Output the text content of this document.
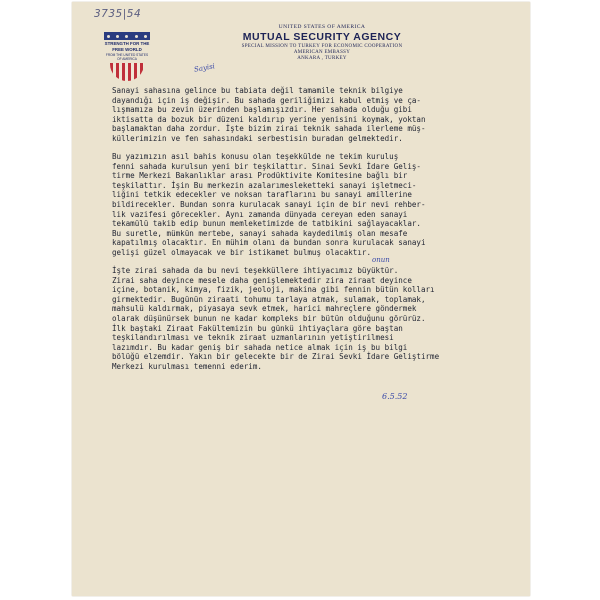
3735|54
STRENGTH FOR THE
FREE WORLD
FROM THE UNITED STATES OF AMERICA
UNITED STATES OF AMERICA
MUTUAL SECURITY AGENCY
SPECIAL MISSION TO TURKEY FOR ECONOMIC COOPERATION
AMERICAN EMBASSY
ANKARA , TURKEY
Sayisi
onun
Sanayi sahasına gelince bu tabiata değil tamamile teknik bilgiye
dayandığı için iş değişir. Bu sahada geriliğimizi kabul etmiş ve ça-
lışmamıza bu zevin üzerinden başlamışızdır. Her sahada olduğu gibi
iktisatta da bozuk bir düzeni kaldırıp yerine yenisini koymak, yoktan
başlamaktan daha zordur. İşte bizim zirai teknik sahada ilerleme müş-
küllerimizin ve fen sahasındaki serbestisin buradan gelmektedir.
Bu yazımızın asıl bahis konusu olan teşekkülde ne tekim kuruluş
fenni sahada kurulsun yeni bir teşkilattır. Sinai Sevki İdare Geliş-
tirme Merkezi Bakanlıklar arası Prodüktivite Komitesine bağlı bir
teşkilattır. İşin Bu merkezin azalarımesleketteki sanayi işletmeci-
liğini tetkik edecekler ve noksan taraflarını bu sanayi amillerine
bildirecekler. Bundan sonra kurulacak sanayi için de bir nevi rehber-
lik vazifesi görecekler. Aynı zamanda dünyada cereyan eden sanayi
tekamülü takib edip bunun memleketimizde de tatbikini sağlayacaklar.
Bu suretle, mümkün mertebe, sanayi sahada kaydedilmiş olan mesafe
kapatılmış olacaktır. En mühim olanı da bundan sonra kurulacak sanayi
gelişi güzel olmayacak ve bir istikamet bulmuş olacaktır.
İşte zirai sahada da bu nevi teşekküllere ihtiyacımız büyüktür.
Zirai saha deyince mesele daha genişlemektedir zira ziraat deyince
içine, botanik, kimya, fizik, jeoloji, makina gibi fennin bütün kolları
girmektedir. Bugünün ziraati tohumu tarlaya atmak, sulamak, toplamak,
mahsulü kaldırmak, piyasaya sevk etmek, harici mahreçlere göndermek
olarak düşünürsek bunun ne kadar kompleks bir bütün olduğunu görürüz.
İlk baştaki Ziraat Fakültemizin bu günkü ihtiyaçlara göre baştan
teşkilandırılması ve teknik ziraat uzmanlarının yetiştirilmesi
lazımdır. Bu kadar geniş bir sahada netice almak için iş bu bilgi
bölüğü elzemdir. Yakın bir gelecekte bir de Zirai Sevki İdare Geliştirme
Merkezi kurulması temenni ederim.
6.5.52
